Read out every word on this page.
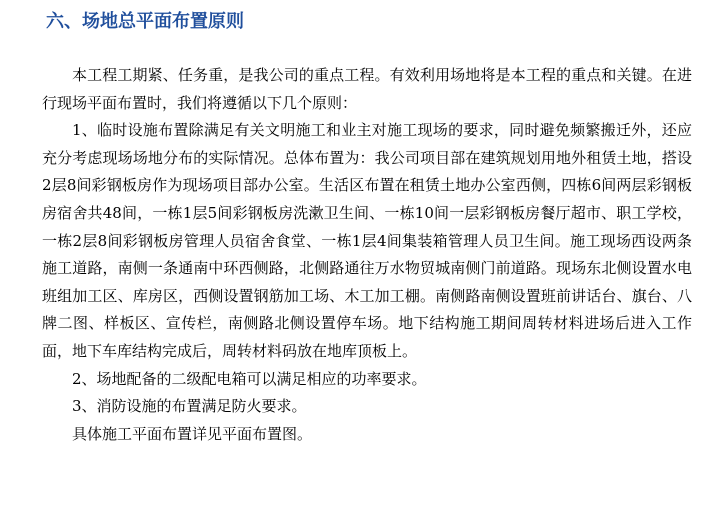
六、场地总平面布置原则

本工程工期紧、任务重，是我公司的重点工程。有效利用场地将是本工程的重点和关键。在进行现场平面布置时，我们将遵循以下几个原则：

1、临时设施布置除满足有关文明施工和业主对施工现场的要求，同时避免频繁搬迁外，还应充分考虑现场场地分布的实际情况。总体布置为：我公司项目部在建筑规划用地外租赁土地，搭设2层8间彩钢板房作为现场项目部办公室。生活区布置在租赁土地办公室西侧，四栋6间两层彩钢板房宿舍共48间，一栋1层5间彩钢板房洗漱卫生间、一栋10间一层彩钢板房餐厅超市、职工学校，一栋2层8间彩钢板房管理人员宿舍食堂、一栋1层4间集装箱管理人员卫生间。施工现场西设两条施工道路，南侧一条通南中环西侧路，北侧路通往万水物贸城南侧门前道路。现场东北侧设置水电班组加工区、库房区，西侧设置钢筋加工场、木工加工棚。南侧路南侧设置班前讲话台、旗台、八牌二图、样板区、宣传栏，南侧路北侧设置停车场。地下结构施工期间周转材料进场后进入工作面，地下车库结构完成后，周转材料码放在地库顶板上。

2、场地配备的二级配电箱可以满足相应的功率要求。

3、消防设施的布置满足防火要求。

具体施工平面布置详见平面布置图。
